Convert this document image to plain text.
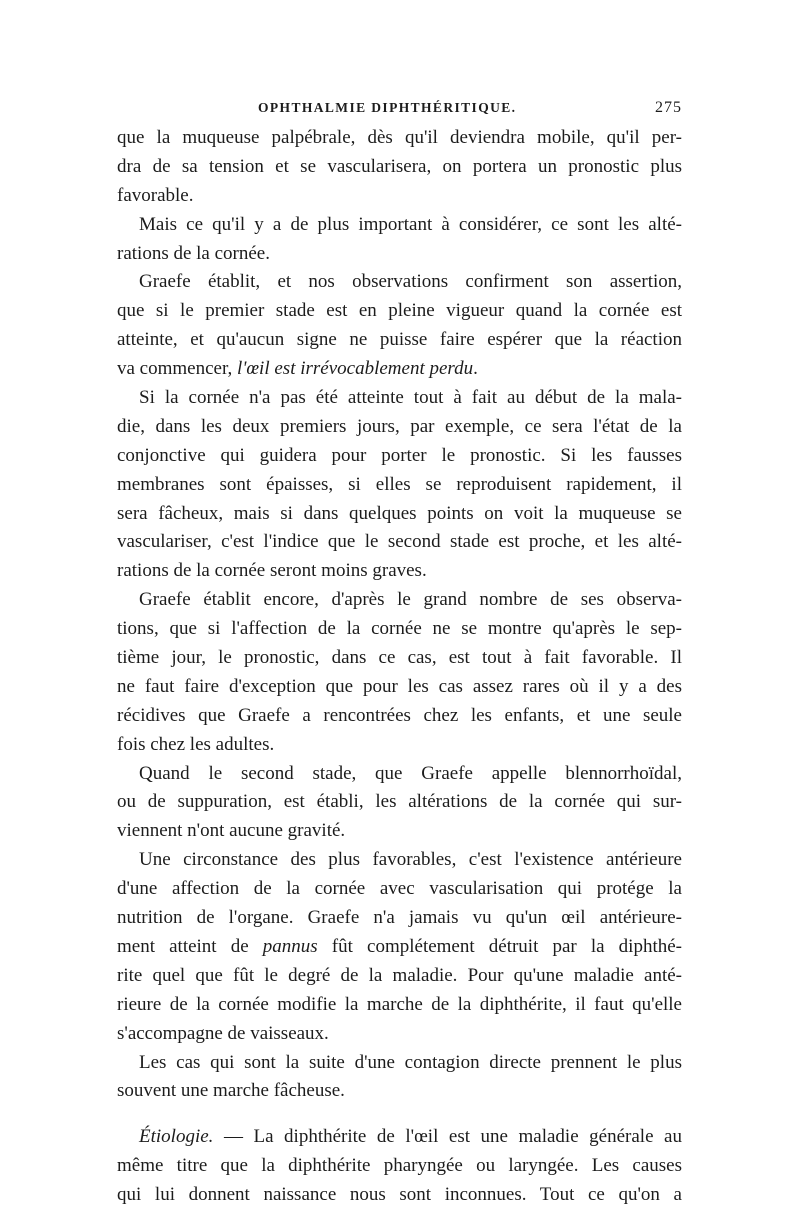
OPHTHALMIE DIPHTHÉRITIQUE.	275
que la muqueuse palpébrale, dès qu'il deviendra mobile, qu'il per-
dra de sa tension et se vascularisera, on portera un pronostic plus
favorable.
Mais ce qu'il y a de plus important à considérer, ce sont les alté-
rations de la cornée.
Graefe établit, et nos observations confirment son assertion,
que si le premier stade est en pleine vigueur quand la cornée est
atteinte, et qu'aucun signe ne puisse faire espérer que la réaction
va commencer, l'œil est irrévocablement perdu.
Si la cornée n'a pas été atteinte tout à fait au début de la mala-
die, dans les deux premiers jours, par exemple, ce sera l'état de la
conjonctive qui guidera pour porter le pronostic. Si les fausses
membranes sont épaisses, si elles se reproduisent rapidement, il
sera fâcheux, mais si dans quelques points on voit la muqueuse se
vasculariser, c'est l'indice que le second stade est proche, et les alté-
rations de la cornée seront moins graves.
Graefe établit encore, d'après le grand nombre de ses observa-
tions, que si l'affection de la cornée ne se montre qu'après le sep-
tième jour, le pronostic, dans ce cas, est tout à fait favorable. Il
ne faut faire d'exception que pour les cas assez rares où il y a des
récidives que Graefe a rencontrées chez les enfants, et une seule
fois chez les adultes.
Quand le second stade, que Graefe appelle blennorrhoïdal,
ou de suppuration, est établi, les altérations de la cornée qui sur-
viennent n'ont aucune gravité.
Une circonstance des plus favorables, c'est l'existence antérieure
d'une affection de la cornée avec vascularisation qui protége la
nutrition de l'organe. Graefe n'a jamais vu qu'un œil antérieure-
ment atteint de pannus fût complétement détruit par la diphthé-
rite quel que fût le degré de la maladie. Pour qu'une maladie anté-
rieure de la cornée modifie la marche de la diphthérite, il faut qu'elle
s'accompagne de vaisseaux.
Les cas qui sont la suite d'une contagion directe prennent le plus
souvent une marche fâcheuse.
Étiologie. — La diphthérite de l'œil est une maladie générale au
même titre que la diphthérite pharyngée ou laryngée. Les causes
qui lui donnent naissance nous sont inconnues. Tout ce qu'on a
